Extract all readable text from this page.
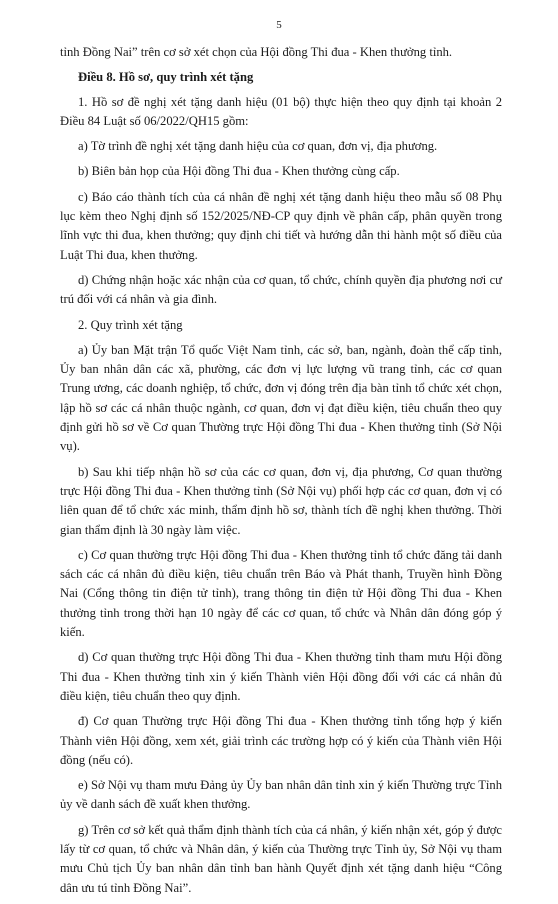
5

tỉnh Đồng Nai” trên cơ sở xét chọn của Hội đồng Thi đua - Khen thưởng tỉnh.

Điều 8. Hồ sơ, quy trình xét tặng

1. Hồ sơ đề nghị xét tặng danh hiệu (01 bộ) thực hiện theo quy định tại khoản 2 Điều 84 Luật số 06/2022/QH15 gồm:

a) Tờ trình đề nghị xét tặng danh hiệu của cơ quan, đơn vị, địa phương.

b) Biên bản họp của Hội đồng Thi đua - Khen thưởng cùng cấp.

c) Báo cáo thành tích của cá nhân đề nghị xét tặng danh hiệu theo mẫu số 08 Phụ lục kèm theo Nghị định số 152/2025/NĐ-CP quy định về phân cấp, phân quyền trong lĩnh vực thi đua, khen thưởng; quy định chi tiết và hướng dẫn thi hành một số điều của Luật Thi đua, khen thưởng.

d) Chứng nhận hoặc xác nhận của cơ quan, tổ chức, chính quyền địa phương nơi cư trú đối với cá nhân và gia đình.

2. Quy trình xét tặng

a) Ủy ban Mặt trận Tổ quốc Việt Nam tỉnh, các sở, ban, ngành, đoàn thể cấp tỉnh, Ủy ban nhân dân các xã, phường, các đơn vị lực lượng vũ trang tỉnh, các cơ quan Trung ương, các doanh nghiệp, tổ chức, đơn vị đóng trên địa bàn tỉnh tổ chức xét chọn, lập hồ sơ các cá nhân thuộc ngành, cơ quan, đơn vị đạt điều kiện, tiêu chuẩn theo quy định gửi hồ sơ về Cơ quan Thường trực Hội đồng Thi đua - Khen thưởng tỉnh (Sở Nội vụ).

b) Sau khi tiếp nhận hồ sơ của các cơ quan, đơn vị, địa phương, Cơ quan thường trực Hội đồng Thi đua - Khen thưởng tỉnh (Sở Nội vụ) phối hợp các cơ quan, đơn vị có liên quan để tổ chức xác minh, thẩm định hồ sơ, thành tích đề nghị khen thưởng. Thời gian thẩm định là 30 ngày làm việc.

c) Cơ quan thường trực Hội đồng Thi đua - Khen thưởng tỉnh tổ chức đăng tải danh sách các cá nhân đủ điều kiện, tiêu chuẩn trên Báo và Phát thanh, Truyền hình Đồng Nai (Cổng thông tin điện tử tỉnh), trang thông tin điện tử Hội đồng Thi đua - Khen thưởng tỉnh trong thời hạn 10 ngày để các cơ quan, tổ chức và Nhân dân đóng góp ý kiến.

d) Cơ quan thường trực Hội đồng Thi đua - Khen thưởng tỉnh tham mưu Hội đồng Thi đua - Khen thưởng tỉnh xin ý kiến Thành viên Hội đồng đối với các cá nhân đủ điều kiện, tiêu chuẩn theo quy định.

đ) Cơ quan Thường trực Hội đồng Thi đua - Khen thưởng tỉnh tổng hợp ý kiến Thành viên Hội đồng, xem xét, giải trình các trường hợp có ý kiến của Thành viên Hội đồng (nếu có).

e) Sở Nội vụ tham mưu Đảng ủy Ủy ban nhân dân tỉnh xin ý kiến Thường trực Tỉnh ủy về danh sách đề xuất khen thưởng.

g) Trên cơ sở kết quả thẩm định thành tích của cá nhân, ý kiến nhận xét, góp ý được lấy từ cơ quan, tổ chức và Nhân dân, ý kiến của Thường trực Tỉnh ủy, Sở Nội vụ tham mưu Chủ tịch Ủy ban nhân dân tỉnh ban hành Quyết định xét tặng danh hiệu “Công dân ưu tú tỉnh Đồng Nai”.
